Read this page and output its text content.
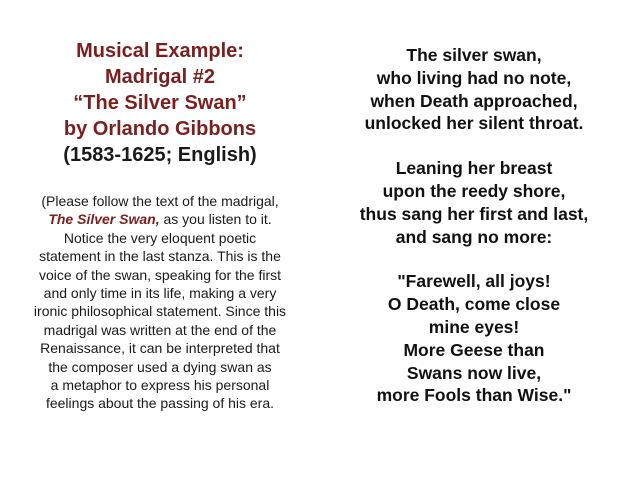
Musical Example:
Madrigal #2
“The Silver Swan”
by Orlando Gibbons
(1583-1625; English)
(Please follow the text of the madrigal,
The Silver Swan, as you listen to it.
Notice the very eloquent poetic
statement in the last stanza. This is the
voice of the swan, speaking for the first
and only time in its life, making a very
ironic philosophical statement. Since this
madrigal was written at the end of the
Renaissance, it can be interpreted that
the composer used a dying swan as
a metaphor to express his personal
feelings about the passing of his era.
The silver swan,
who living had no note,
when Death approached,
unlocked her silent throat.
Leaning her breast
upon the reedy shore,
thus sang her first and last,
and sang no more:
"Farewell, all joys!
O Death, come close
mine eyes!
More Geese than
Swans now live,
more Fools than Wise."
